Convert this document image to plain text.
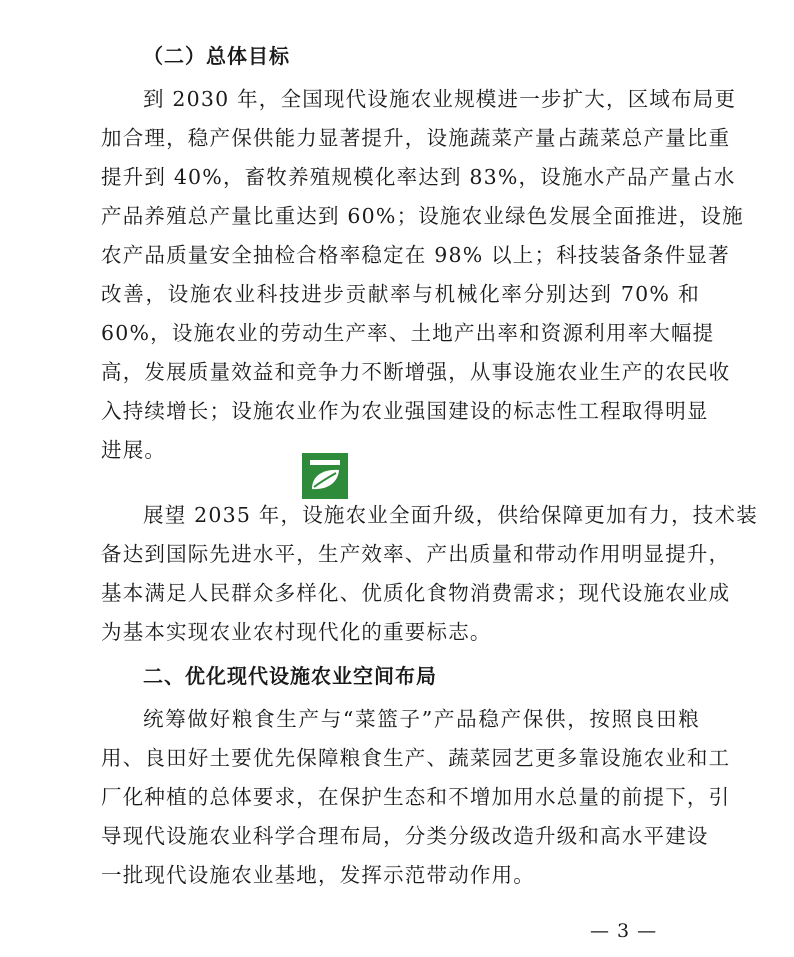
（二）总体目标
到 2030 年，全国现代设施农业规模进一步扩大，区域布局更
加合理，稳产保供能力显著提升，设施蔬菜产量占蔬菜总产量比重
提升到 40%，畜牧养殖规模化率达到 83%，设施水产品产量占水
产品养殖总产量比重达到 60%；设施农业绿色发展全面推进，设施
农产品质量安全抽检合格率稳定在 98% 以上；科技装备条件显著
改善，设施农业科技进步贡献率与机械化率分别达到 70% 和
60%，设施农业的劳动生产率、土地产出率和资源利用率大幅提
高，发展质量效益和竞争力不断增强，从事设施农业生产的农民收
入持续增长；设施农业作为农业强国建设的标志性工程取得明显
进展。
展望 2035 年，设施农业全面升级，供给保障更加有力，技术装
备达到国际先进水平，生产效率、产出质量和带动作用明显提升，
基本满足人民群众多样化、优质化食物消费需求；现代设施农业成
为基本实现农业农村现代化的重要标志。
二、优化现代设施农业空间布局
统筹做好粮食生产与“菜篮子”产品稳产保供，按照良田粮
用、良田好土要优先保障粮食生产、蔬菜园艺更多靠设施农业和工
厂化种植的总体要求，在保护生态和不增加用水总量的前提下，引
导现代设施农业科学合理布局，分类分级改造升级和高水平建设
一批现代设施农业基地，发挥示范带动作用。
— 3 —
